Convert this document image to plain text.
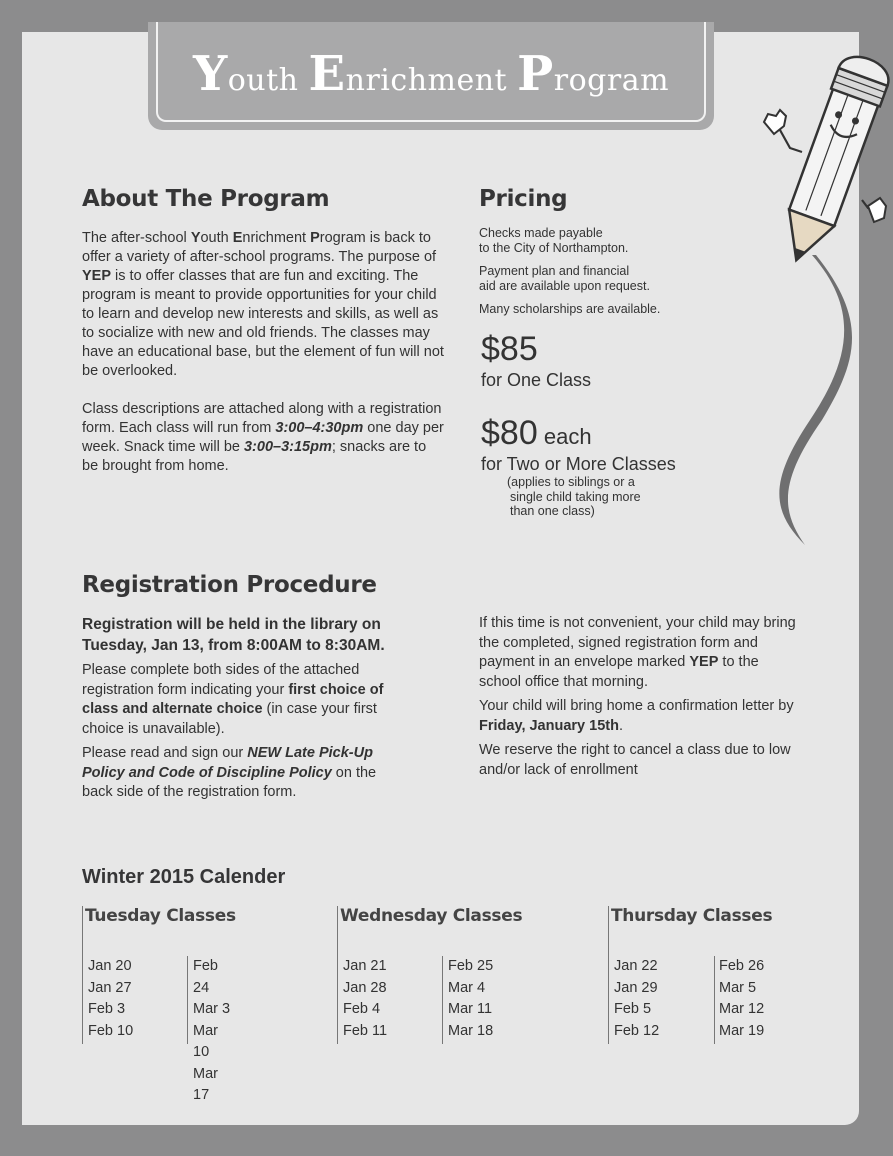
Youth Enrichment Program
About The Program

The after-school Youth Enrichment Program is back to offer a variety of after-school programs. The purpose of YEP is to offer classes that are fun and exciting. The program is meant to provide opportunities for your child to learn and develop new interests and skills, as well as to socialize with new and old friends. The classes may have an educational base, but the element of fun will not be overlooked.

Class descriptions are attached along with a registration form. Each class will run from 3:00–4:30pm one day per week. Snack time will be 3:00–3:15pm; snacks are to be brought from home.

Pricing
Checks made payable
to the City of Northampton.
Payment plan and financial
aid are available upon request.
Many scholarships are available.
$85
for One Class
$80 each
for Two or More Classes
(applies to siblings or a
single child taking more
than one class)
Registration Procedure

Registration will be held in the library on Tuesday, Jan 13, from 8:00AM to 8:30AM.

Please complete both sides of the attached registration form indicating your first choice of class and alternate choice (in case your first choice is unavailable).

Please read and sign our NEW Late Pick-Up Policy and Code of Discipline Policy on the back side of the registration form.

If this time is not convenient, your child may bring the completed, signed registration form and payment in an envelope marked YEP to the school office that morning.

Your child will bring home a confirmation letter by Friday, January 15th.

We reserve the right to cancel a class due to low and/or lack of enrollment

Winter 2015 Calender
Tuesday Classes
Jan 20
Jan 27
Feb 3
Feb 10
Feb 24
Mar 3
Mar 10
Mar 17
Wednesday Classes
Jan 21
Jan 28
Feb 4
Feb 11
Feb 25
Mar 4
Mar 11
Mar 18
Thursday Classes
Jan 22
Jan 29
Feb 5
Feb 12
Feb 26
Mar 5
Mar 12
Mar 19
